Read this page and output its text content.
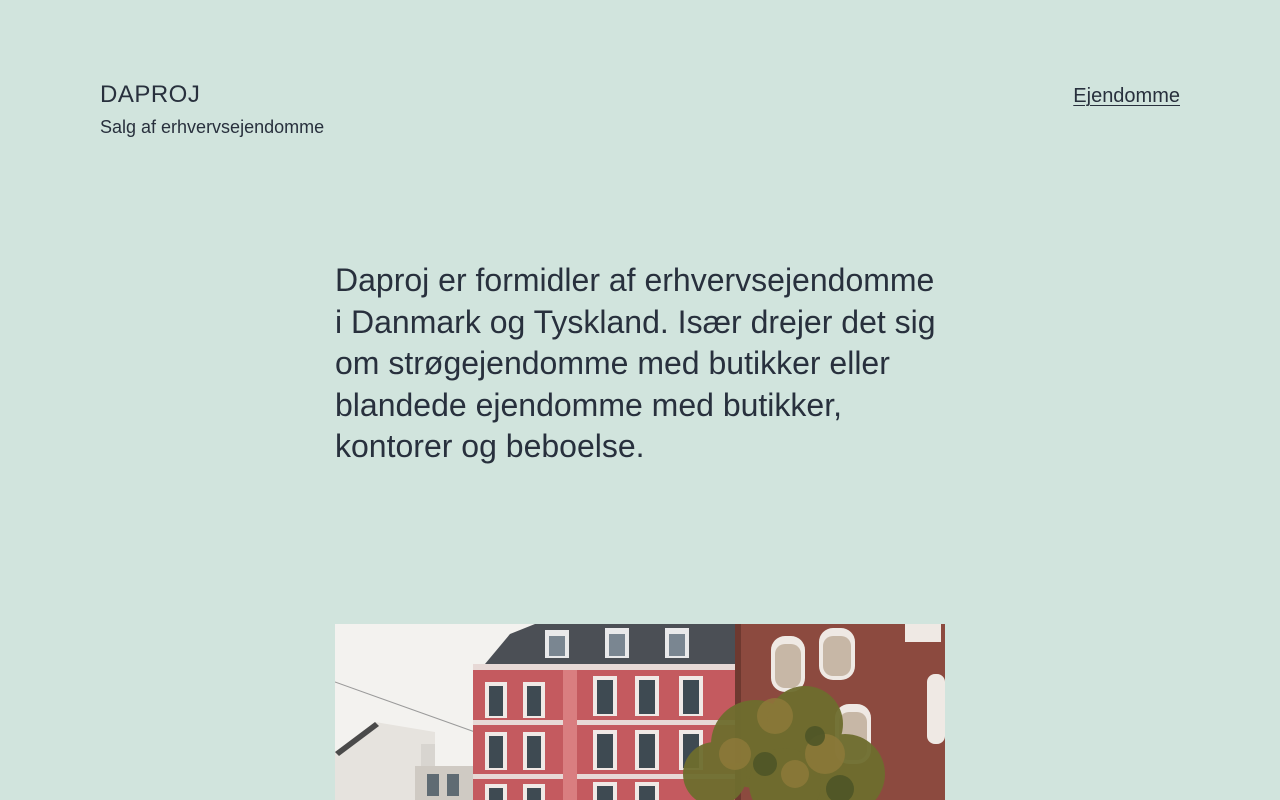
DAPROJ
Salg af erhvervsejendomme
Ejendomme

Daproj er formidler af erhvervsejendomme i Danmark og Tyskland. Især drejer det sig om strøgejendomme med butikker eller blandede ejendomme med butikker, kontorer og beboelse.
